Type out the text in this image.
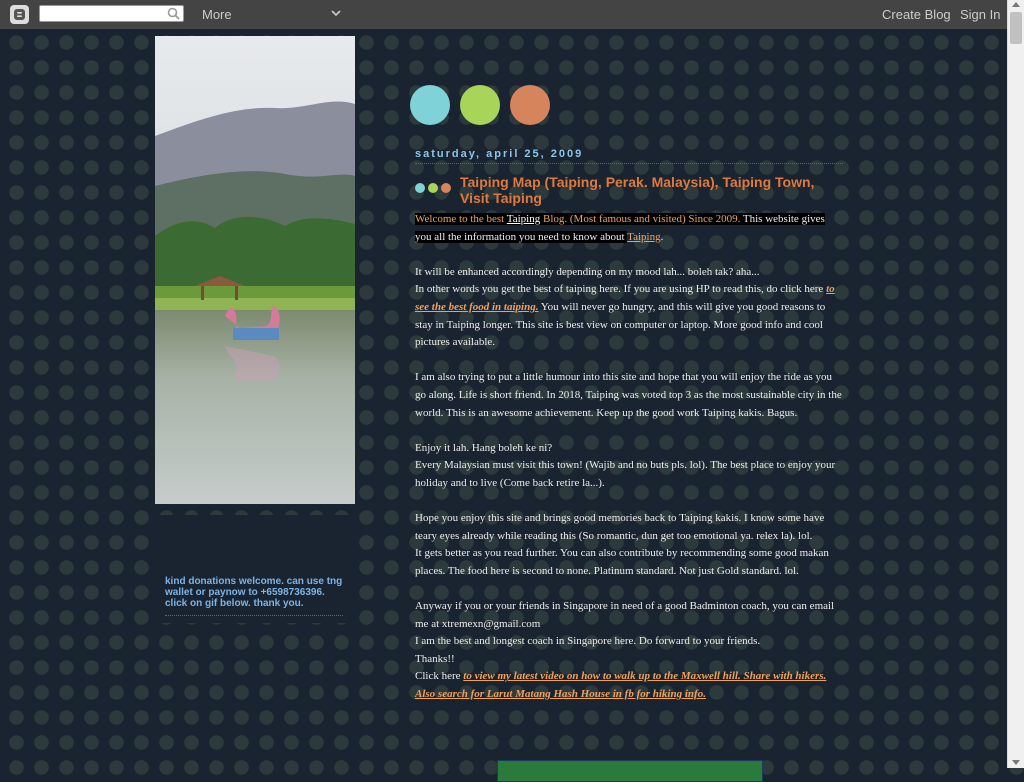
More	Create Blog Sign In
kind donations welcome. can use tng wallet or paynow to +6598736396. click on gif below. thank you.
saturday, april 25, 2009
Taiping Map (Taiping, Perak. Malaysia), Taiping Town, Visit Taiping

Welcome to the best Taiping Blog. (Most famous and visited) Since 2009. This website gives you all the information you need to know about Taiping.

It will be enhanced accordingly depending on my mood lah... boleh tak? aha...

In other words you get the best of taiping here. If you are using HP to read this, do click here to see the best food in taiping. You will never go hungry, and this will give you good reasons to stay in Taiping longer. This site is best view on computer or laptop. More good info and cool pictures available.

I am also trying to put a little humour into this site and hope that you will enjoy the ride as you go along. Life is short friend. In 2018, Taiping was voted top 3 as the most sustainable city in the world. This is an awesome achievement. Keep up the good work Taiping kakis. Bagus.

Enjoy it lah. Hang boleh ke ni?

Every Malaysian must visit this town! (Wajib and no buts pls. lol). The best place to enjoy your holiday and to live (Come back retire la...).

Hope you enjoy this site and brings good memories back to Taiping kakis. I know some have teary eyes already while reading this (So romantic, dun get too emotional ya. relex la). lol.

It gets better as you read further. You can also contribute by recommending some good makan places. The food here is second to none. Platinum standard. Not just Gold standard. lol.

Anyway if you or your friends in Singapore in need of a good Badminton coach, you can email me at xtremexn@gmail.com

I am the best and longest coach in Singapore here. Do forward to your friends.

Thanks!!

Click here to view my latest video on how to walk up to the Maxwell hill. Share with hikers. Also search for Larut Matang Hash House in fb for hiking info.
